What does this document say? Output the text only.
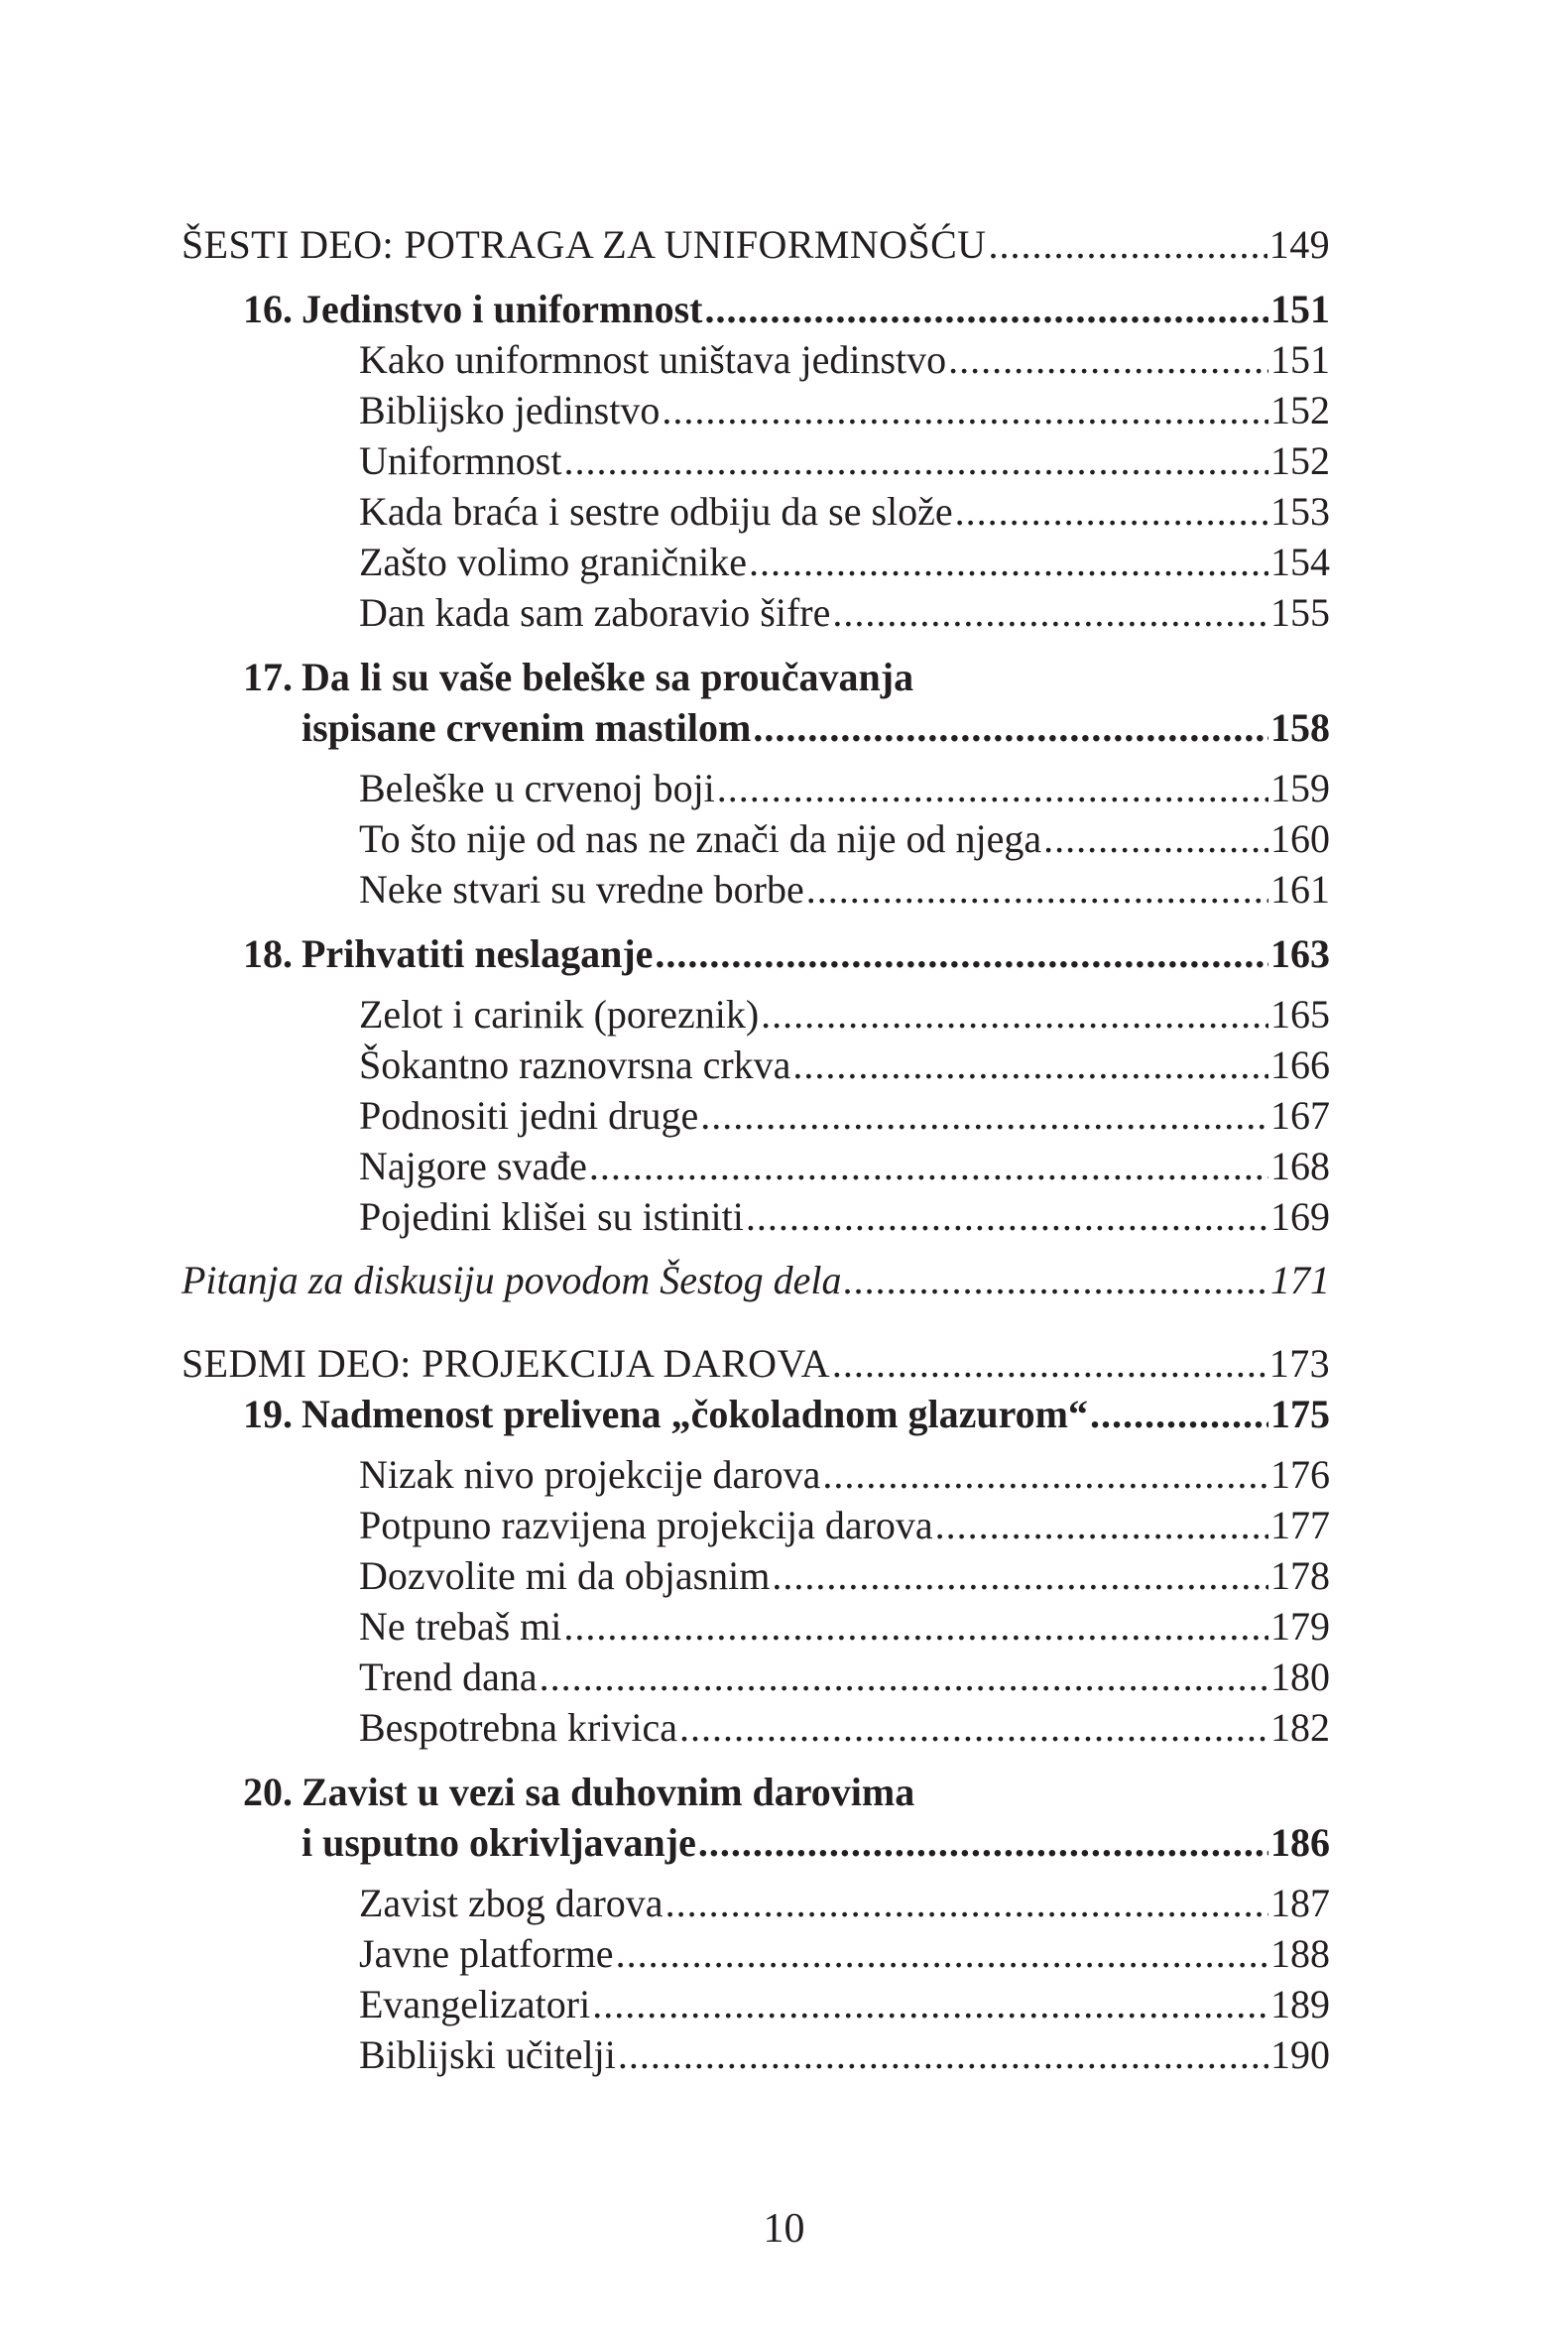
ŠESTI DEO: POTRAGA ZA UNIFORMNOŠĆU .....	149
16. Jedinstvo i uniformnost .....	151
Kako uniformnost uništava jedinstvo .....	151
Biblijsko jedinstvo .....	152
Uniformnost .....	152
Kada braća i sestre odbiju da se slože .....	153
Zašto volimo graničnike .....	154
Dan kada sam zaboravio šifre .....	155
17. Da li su vaše beleške sa proučavanja
ispisane crvenim mastilom .....	158
Beleške u crvenoj boji .....	159
To što nije od nas ne znači da nije od njega .....	160
Neke stvari su vredne borbe .....	161
18. Prihvatiti neslaganje .....	163
Zelot i carinik (poreznik) .....	165
Šokantno raznovrsna crkva .....	166
Podnositi jedni druge .....	167
Najgore svađe .....	168
Pojedini klišei su istiniti .....	169
Pitanja za diskusiju povodom Šestog dela .....	171
SEDMI DEO: PROJEKCIJA DAROVA .....	173
19. Nadmenost prelivena „čokoladnom glazurom“ .....	175
Nizak nivo projekcije darova .....	176
Potpuno razvijena projekcija darova .....	177
Dozvolite mi da objasnim .....	178
Ne trebaš mi .....	179
Trend dana .....	180
Bespotrebna krivica .....	182
20. Zavist u vezi sa duhovnim darovima
i usputno okrivljavanje .....	186
Zavist zbog darova .....	187
Javne platforme .....	188
Evangelizatori .....	189
Biblijski učitelji .....	190
10
